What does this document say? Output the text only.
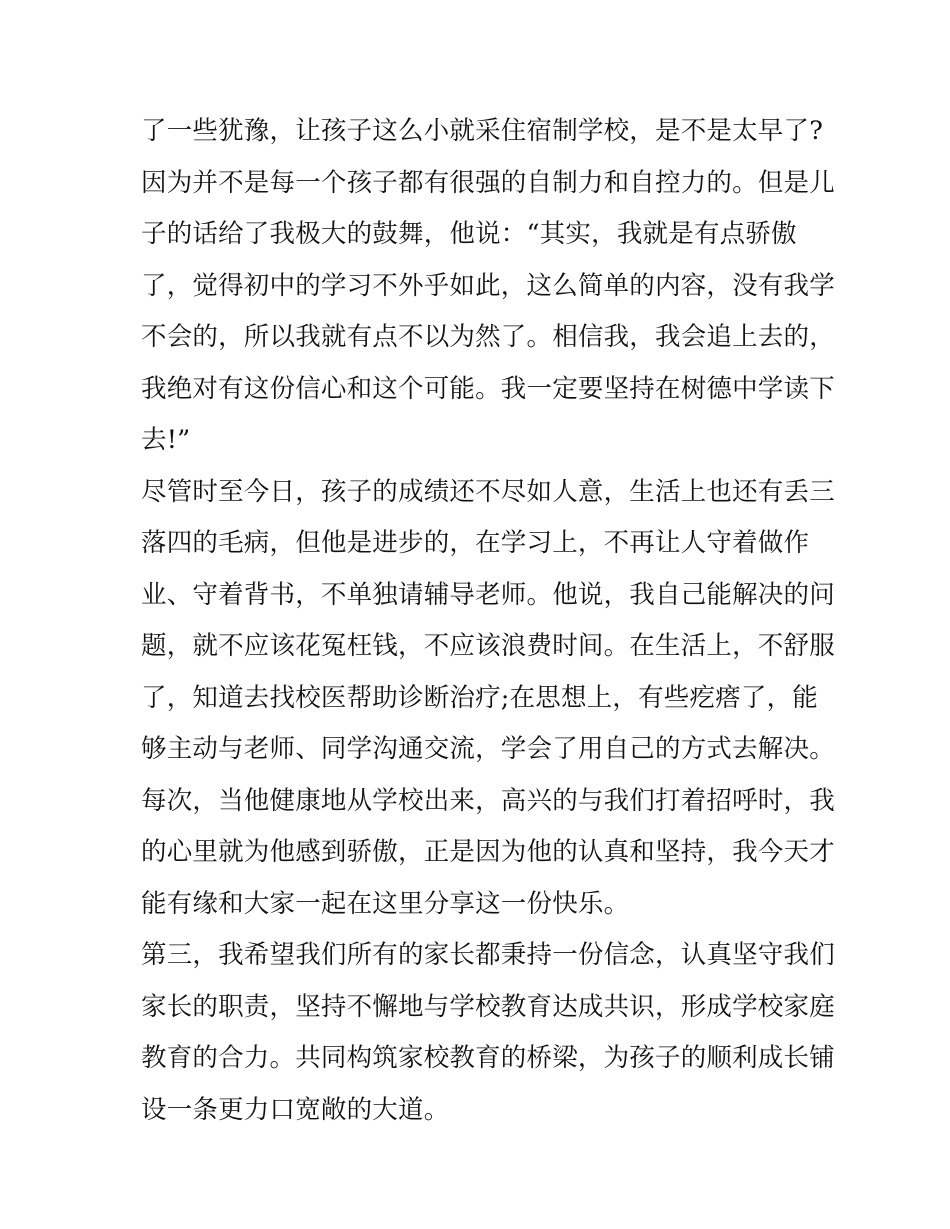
了一些犹豫，让孩子这么小就采住宿制学校，是不是太早了?
因为并不是每一个孩子都有很强的自制力和自控力的。但是儿
子的话给了我极大的鼓舞，他说：“其实，我就是有点骄傲
了，觉得初中的学习不外乎如此，这么简单的内容，没有我学
不会的，所以我就有点不以为然了。相信我，我会追上去的，
我绝对有这份信心和这个可能。我一定要坚持在树德中学读下
去!”
尽管时至今日，孩子的成绩还不尽如人意，生活上也还有丢三
落四的毛病，但他是进步的，在学习上，不再让人守着做作
业、守着背书，不单独请辅导老师。他说，我自己能解决的问
题，就不应该花冤枉钱，不应该浪费时间。在生活上，不舒服
了，知道去找校医帮助诊断治疗;在思想上，有些疙瘩了，能
够主动与老师、同学沟通交流，学会了用自己的方式去解决。
每次，当他健康地从学校出来，高兴的与我们打着招呼时，我
的心里就为他感到骄傲，正是因为他的认真和坚持，我今天才
能有缘和大家一起在这里分享这一份快乐。
第三，我希望我们所有的家长都秉持一份信念，认真坚守我们
家长的职责，坚持不懈地与学校教育达成共识，形成学校家庭
教育的合力。共同构筑家校教育的桥梁，为孩子的顺利成长铺
设一条更力口宽敞的大道。
